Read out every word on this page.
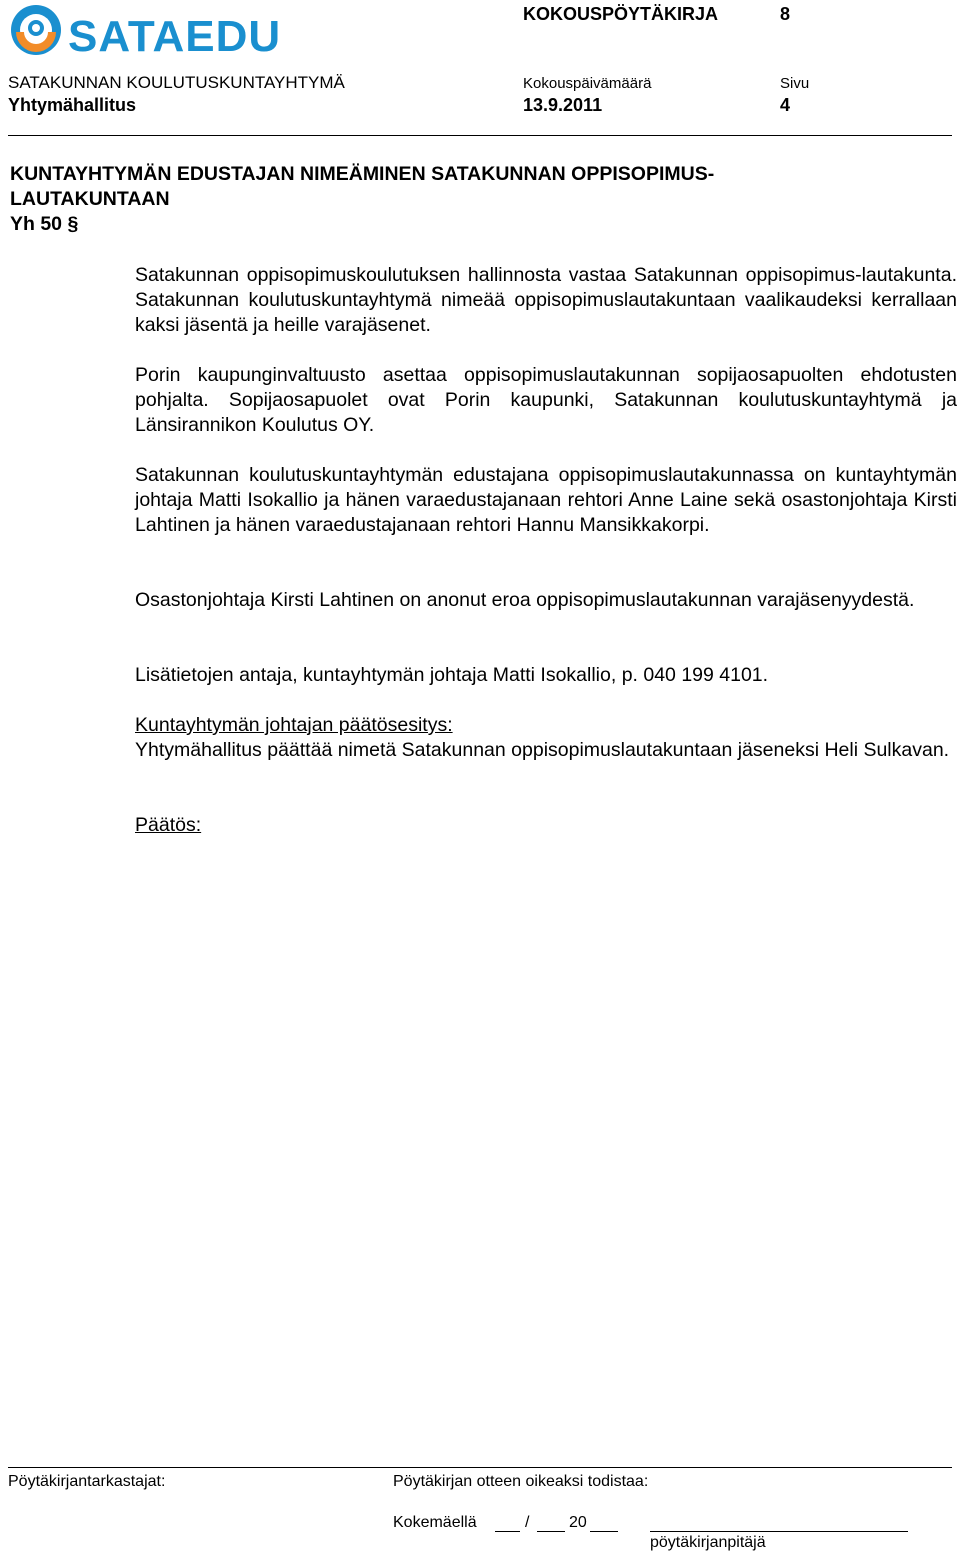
SATAEDU	KOKOUSPÖYTÄKIRJA	8
SATAKUNNAN KOULUTUSKUNTAYHTYMÄ	Kokouspäivämäärä	Sivu
Yhtymähallitus	13.9.2011	4
KUNTAYHTYMÄN EDUSTAJAN NIMEÄMINEN SATAKUNNAN OPPISOPIMUS-
LAUTAKUNTAAN
Yh 50 §
Satakunnan oppisopimuskoulutuksen hallinnosta vastaa Satakunnan oppisopimus-lautakunta. Satakunnan koulutuskuntayhtymä nimeää oppisopimuslautakuntaan vaalikaudeksi kerrallaan kaksi jäsentä ja heille varajäsenet.
Porin kaupunginvaltuusto asettaa oppisopimuslautakunnan sopijaosapuolten ehdotusten pohjalta. Sopijaosapuolet ovat Porin kaupunki, Satakunnan koulutuskuntayhtymä ja Länsirannikon Koulutus OY.
Satakunnan koulutuskuntayhtymän edustajana oppisopimuslautakunnassa on kuntayhtymän johtaja Matti Isokallio ja hänen varaedustajanaan rehtori Anne Laine sekä osastonjohtaja Kirsti Lahtinen ja hänen varaedustajanaan rehtori Hannu Mansikkakorpi.
Osastonjohtaja Kirsti Lahtinen on anonut eroa oppisopimuslautakunnan varajäsenyydestä.
Lisätietojen antaja, kuntayhtymän johtaja Matti Isokallio, p. 040 199 4101.
Kuntayhtymän johtajan päätösesitys:
Yhtymähallitus päättää nimetä Satakunnan oppisopimuslautakuntaan jäseneksi Heli Sulkavan.
Päätös:
Pöytäkirjantarkastajat:	Pöytäkirjan otteen oikeaksi todistaa:
Kokemäellä	/ 20
pöytäkirjanpitäjä
